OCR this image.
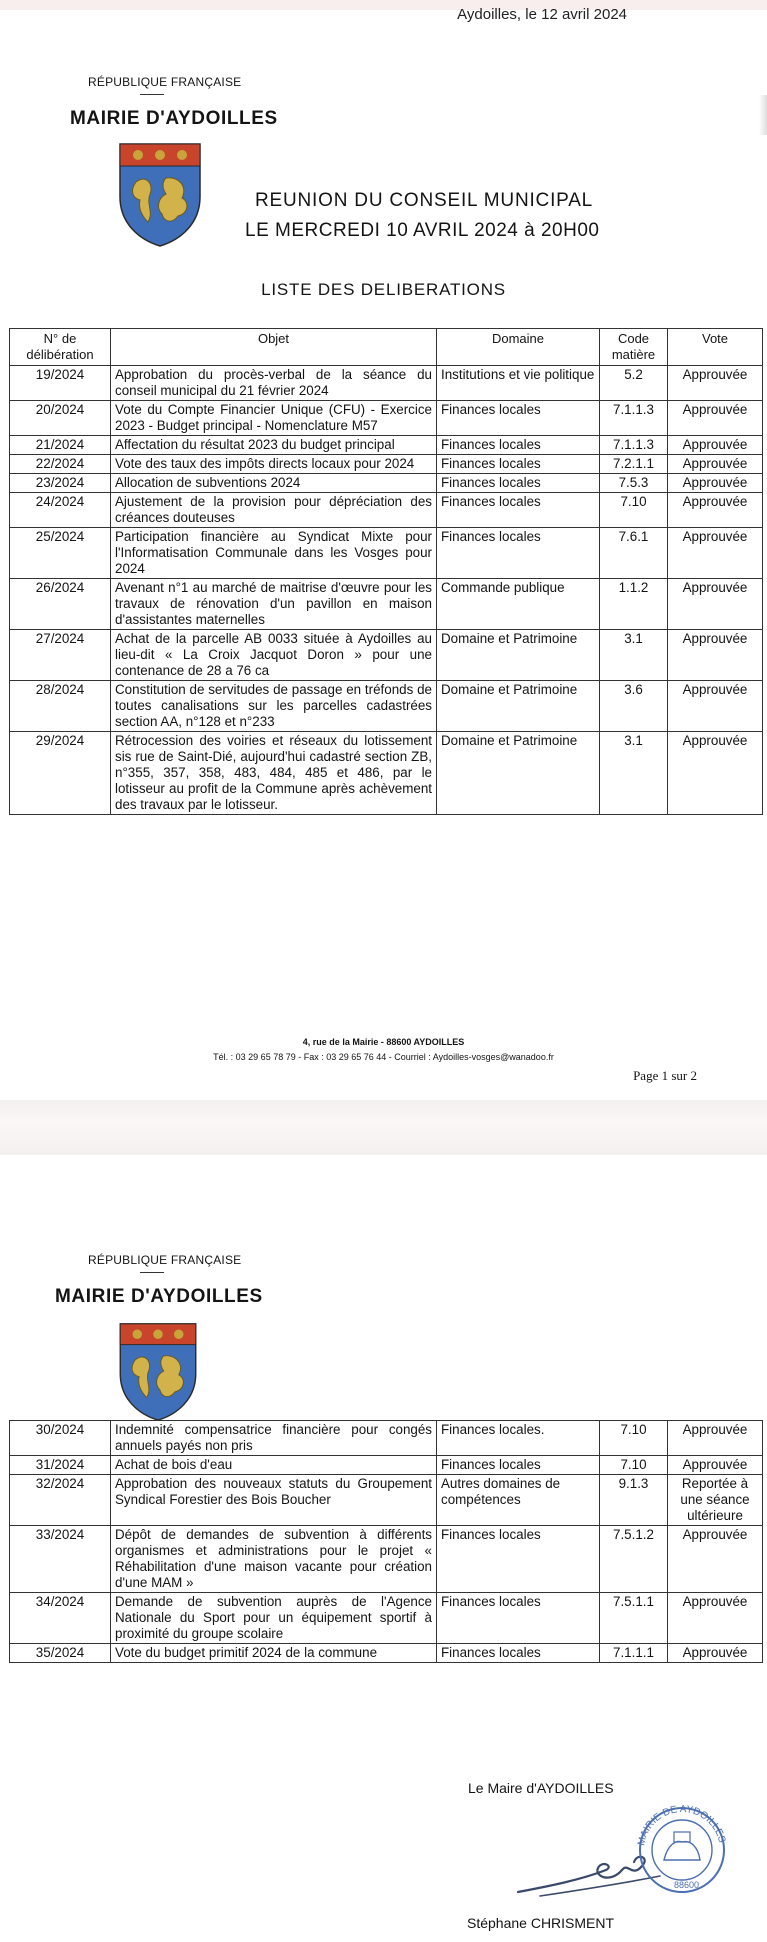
Aydoilles, le 12 avril 2024
RÉPUBLIQUE FRANÇAISE
MAIRIE D'AYDOILLES
REUNION DU CONSEIL MUNICIPAL
LE MERCREDI 10 AVRIL 2024 à 20H00
LISTE DES DELIBERATIONS
N° de délibération	Objet	Domaine	Code matière	Vote
19/2024	Approbation du procès-verbal de la séance du conseil municipal du 21 février 2024	Institutions et vie politique	5.2	Approuvée
20/2024	Vote du Compte Financier Unique (CFU) - Exercice 2023 - Budget principal - Nomenclature M57	Finances locales	7.1.1.3	Approuvée
21/2024	Affectation du résultat 2023 du budget principal	Finances locales	7.1.1.3	Approuvée
22/2024	Vote des taux des impôts directs locaux pour 2024	Finances locales	7.2.1.1	Approuvée
23/2024	Allocation de subventions 2024	Finances locales	7.5.3	Approuvée
24/2024	Ajustement de la provision pour dépréciation des créances douteuses	Finances locales	7.10	Approuvée
25/2024	Participation financière au Syndicat Mixte pour l'Informatisation Communale dans les Vosges pour 2024	Finances locales	7.6.1	Approuvée
26/2024	Avenant n°1 au marché de maitrise d'œuvre pour les travaux de rénovation d'un pavillon en maison d'assistantes maternelles	Commande publique	1.1.2	Approuvée
27/2024	Achat de la parcelle AB 0033 située à Aydoilles au lieu-dit « La Croix Jacquot Doron » pour une contenance de 28 a 76 ca	Domaine et Patrimoine	3.1	Approuvée
28/2024	Constitution de servitudes de passage en tréfonds de toutes canalisations sur les parcelles cadastrées section AA, n°128 et n°233	Domaine et Patrimoine	3.6	Approuvée
29/2024	Rétrocession des voiries et réseaux du lotissement sis rue de Saint-Dié, aujourd'hui cadastré section ZB, n°355, 357, 358, 483, 484, 485 et 486, par le lotisseur au profit de la Commune après achèvement des travaux par le lotisseur.	Domaine et Patrimoine	3.1	Approuvée
4, rue de la Mairie - 88600 AYDOILLES
Tél. : 03 29 65 78 79 - Fax : 03 29 65 76 44 - Courriel : Aydoilles-vosges@wanadoo.fr
Page 1 sur 2
RÉPUBLIQUE FRANÇAISE
MAIRIE D'AYDOILLES
30/2024	Indemnité compensatrice financière pour congés annuels payés non pris	Finances locales.	7.10	Approuvée
31/2024	Achat de bois d'eau	Finances locales	7.10	Approuvée
32/2024	Approbation des nouveaux statuts du Groupement Syndical Forestier des Bois Boucher	Autres domaines de compétences	9.1.3	Reportée à une séance ultérieure
33/2024	Dépôt de demandes de subvention à différents organismes et administrations pour le projet « Réhabilitation d'une maison vacante pour création d'une MAM »	Finances locales	7.5.1.2	Approuvée
34/2024	Demande de subvention auprès de l'Agence Nationale du Sport pour un équipement sportif à proximité du groupe scolaire	Finances locales	7.5.1.1	Approuvée
35/2024	Vote du budget primitif 2024 de la commune	Finances locales	7.1.1.1	Approuvée
Le Maire d'AYDOILLES
MAIRIE DE AYDOILLES
88600
Stéphane CHRISMENT
